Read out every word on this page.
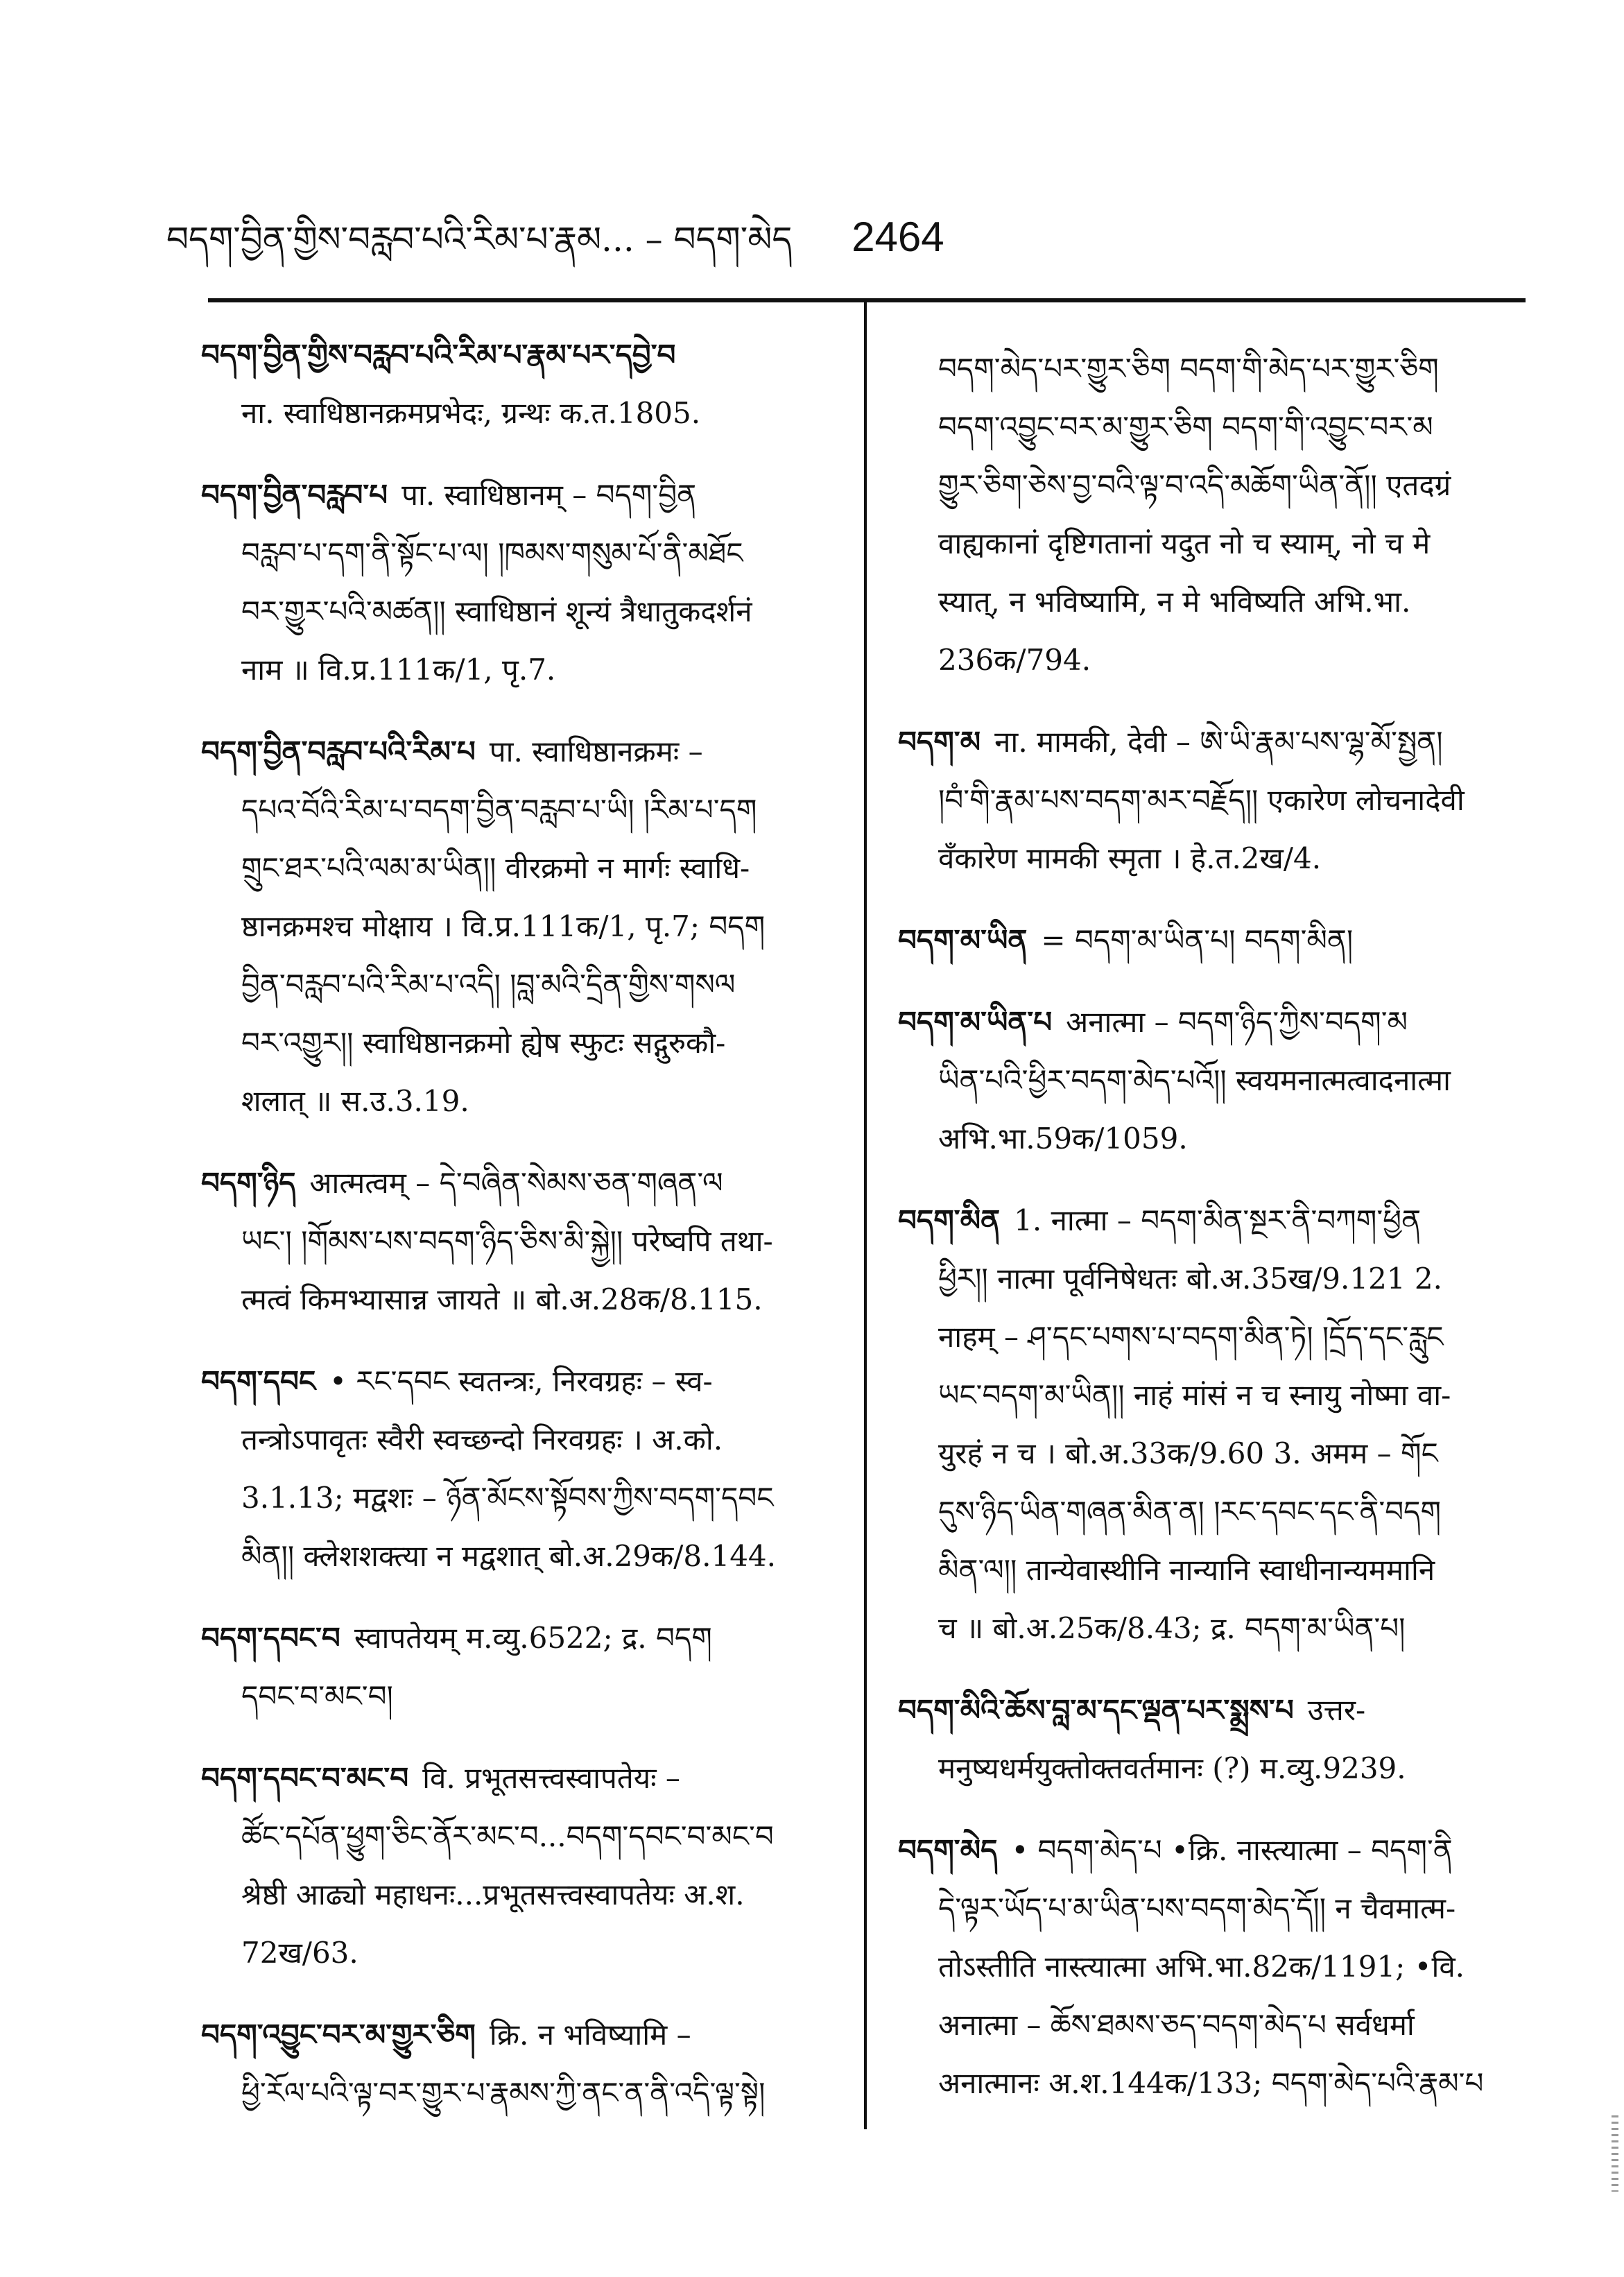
བདག་བྱིན་གྱིས་བརླབ་པའི་རིམ་པ་རྣམ... – བདག་མེད 2464
བདག་བྱིན་གྱིས་བརླབ་པའི་རིམ་པ་རྣམ་པར་དབྱེ་བ
ना. स्वाधिष्ठानक्रमप्रभेदः, ग्रन्थः क.त.1805.
བདག་བྱིན་བརླབ་པ पा. स्वाधिष्ठानम् – བདག་བྱིན
བརླབ་པ་དག་ནི་སྟོང་པ་ལ། །ཁམས་གསུམ་པོ་ནི་མཐོང
བར་གྱུར་པའི་མཚན།། स्वाधिष्ठानं शून्यं त्रैधातुकदर्शनं
नाम ॥ वि.प्र.111क/1, पृ.7.
བདག་བྱིན་བརླབ་པའི་རིམ་པ पा. स्वाधिष्ठानक्रमः –
དཔའ་བོའི་རིམ་པ་བདག་བྱིན་བརླབ་པ་ཡི། །རིམ་པ་དག
གྲུང་ཐར་པའི་ལམ་མ་ཡིན།། वीरक्रमो न मार्गः स्वाधि-
ष्ठानक्रमश्च मोक्षाय । वि.प्र.111क/1, पृ.7; བདག
བྱིན་བརླབ་པའི་རིམ་པ་འདི། །བླ་མའི་དྲིན་གྱིས་གསལ
བར་འགྱུར།། स्वाधिष्ठानक्रमो ह्येष स्फुटः सद्गुरुकौ-
शलात् ॥ स.उ.3.19.
བདག་ཉིད आत्मत्वम् – དེ་བཞིན་སེམས་ཅན་གཞན་ལ
ཡང་། །གོམས་པས་བདག་ཉིད་ཅིས་མི་སྐྱེ།། परेष्वपि तथा-
त्मत्वं किमभ्यासान्न जायते ॥ बो.अ.28क/8.115.
བདག་དབང • རང་དབང स्वतन्त्रः, निरवग्रहः – स्व-
तन्त्रोऽपावृतः स्वैरी स्वच्छन्दो निरवग्रहः । अ.को.
3.1.13; मद्वशः – ཉོན་མོངས་སྟོབས་ཀྱིས་བདག་དབང
མིན།། क्लेशशक्त्या न मद्वशात् बो.अ.29क/8.144.
བདག་དབང་བ स्वापतेयम् म.व्यु.6522; द्र. བདག
དབང་བ་མང་བ།
བདག་དབང་བ་མང་བ वि. प्रभूतसत्त्वस्वापतेयः –
ཚོང་དཔོན་ཕྱུག་ཅིང་ནོར་མང་བ...བདག་དབང་བ་མང་བ
श्रेष्ठी आढ्यो महाधनः...प्रभूतसत्त्वस्वापतेयः अ.श.
72ख/63.
བདག་འབྱུང་བར་མ་གྱུར་ཅིག क्रि. न भविष्यामि –
ཕྱི་རོལ་པའི་ལྟ་བར་གྱུར་པ་རྣམས་ཀྱི་ནང་ན་ནི་འདི་ལྟ་སྟེ།
བདག་མེད་པར་གྱུར་ཅིག བདག་གི་མེད་པར་གྱུར་ཅིག
བདག་འབྱུང་བར་མ་གྱུར་ཅིག བདག་གི་འབྱུང་བར་མ
གྱུར་ཅིག་ཅེས་བྱ་བའི་ལྟ་བ་འདི་མཆོག་ཡིན་ནོ།། एतदग्रं
वाह्यकानां दृष्टिगतानां यदुत नो च स्याम्, नो च मे
स्यात्, न भविष्यामि, न मे भविष्यति अभि.भा.
236क/794.
བདག་མ ना. मामकी, देवी – ཨེ་ཡི་རྣམ་པས་ལྷ་མོ་སྤྱན།
།བཾ་གི་རྣམ་པས་བདག་མར་བརྗོད།། एकारेण लोचनादेवी
वँकारेण मामकी स्मृता । हे.त.2ख/4.
བདག་མ་ཡིན = བདག་མ་ཡིན་པ། བདག་མིན།
བདག་མ་ཡིན་པ अनात्मा – བདག་ཉིད་ཀྱིས་བདག་མ
ཡིན་པའི་ཕྱིར་བདག་མེད་པའོ།། स्वयमनात्मत्वादनात्मा
अभि.भा.59क/1059.
བདག་མིན 1. नात्मा – བདག་མིན་སྔར་ནི་བཀག་ཕྱིན
ཕྱིར།། नात्मा पूर्वनिषेधतः बो.अ.35ख/9.121 2.
नाहम् – ཤ་དང་པགས་པ་བདག་མིན་ཏེ། །དྲོད་དང་རླུང
ཡང་བདག་མ་ཡིན།། नाहं मांसं न च स्नायु नोष्मा वा-
युरहं न च । बो.अ.33क/9.60 3. अमम – གོང
དུས་ཉིད་ཡིན་གཞན་མིན་ན། །རང་དབང་དང་ནི་བདག
མིན་ལ།། तान्येवास्थीनि नान्यानि स्वाधीनान्यममानि
च ॥ बो.अ.25क/8.43; द्र. བདག་མ་ཡིན་པ།
བདག་མིའི་ཆོས་བླ་མ་དང་ལྡན་པར་སྨྲས་པ उत्तर-
मनुष्यधर्मयुक्तोक्तवर्तमानः (?) म.व्यु.9239.
བདག་མེད • བདག་མེད་པ •क्रि. नास्त्यात्मा – བདག་ནི
དེ་ལྟར་ཡོད་པ་མ་ཡིན་པས་བདག་མེད་དོ།། न चैवमात्म-
तोऽस्तीति नास्त्यात्मा अभि.भा.82क/1191; •वि.
अनात्मा – ཆོས་ཐམས་ཅད་བདག་མེད་པ सर्वधर्मा
अनात्मानः अ.श.144क/133; བདག་མེད་པའི་རྣམ་པ
